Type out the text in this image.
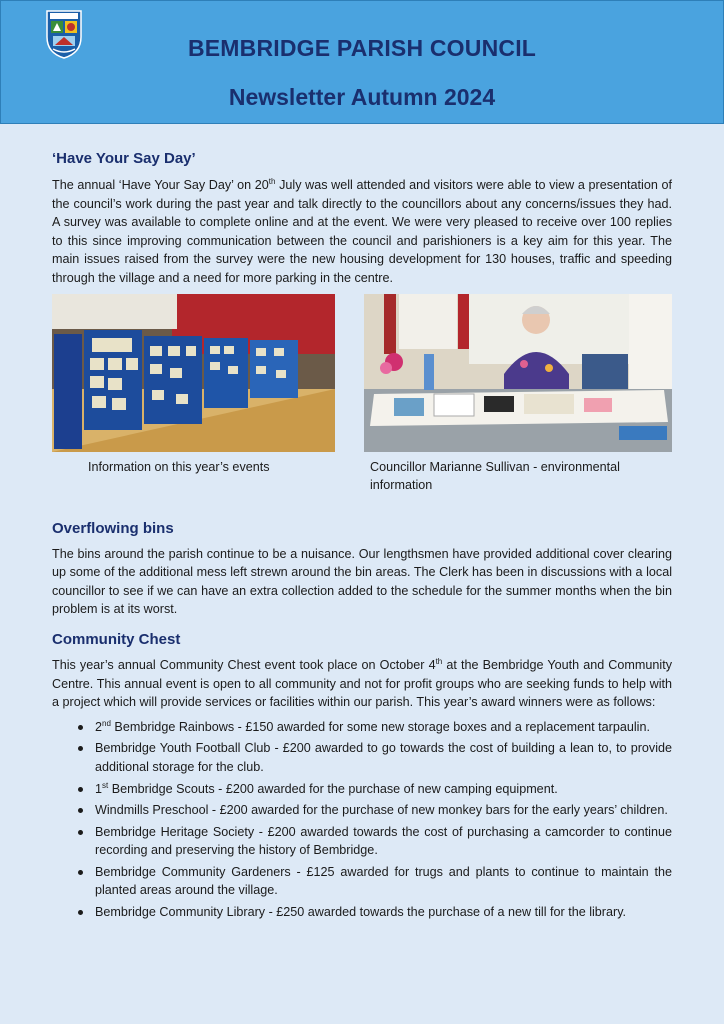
BEMBRIDGE PARISH COUNCIL
Newsletter Autumn 2024
‘Have Your Say Day’

The annual ‘Have Your Say Day’ on 20th July was well attended and visitors were able to view a presentation of the council’s work during the past year and talk directly to the councillors about any concerns/issues they had. A survey was available to complete online and at the event. We were very pleased to receive over 100 replies to this since improving communication between the council and parishioners is a key aim for this year. The main issues raised from the survey were the new housing development for 130 houses, traffic and speeding through the village and a need for more parking in the centre.

Information on this year’s events	Councillor Marianne Sullivan - environmental information
Overflowing bins

The bins around the parish continue to be a nuisance. Our lengthsmen have provided additional cover clearing up some of the additional mess left strewn around the bin areas. The Clerk has been in discussions with a local councillor to see if we can have an extra collection added to the schedule for the summer months when the bin problem is at its worst.

Community Chest

This year’s annual Community Chest event took place on October 4th at the Bembridge Youth and Community Centre. This annual event is open to all community and not for profit groups who are seeking funds to help with a project which will provide services or facilities within our parish. This year’s award winners were as follows:

2nd Bembridge Rainbows - £150 awarded for some new storage boxes and a replacement tarpaulin.
Bembridge Youth Football Club - £200 awarded to go towards the cost of building a lean to, to provide additional storage for the club.
1st Bembridge Scouts - £200 awarded for the purchase of new camping equipment.
Windmills Preschool - £200 awarded for the purchase of new monkey bars for the early years’ children.
Bembridge Heritage Society - £200 awarded towards the cost of purchasing a camcorder to continue recording and preserving the history of Bembridge.
Bembridge Community Gardeners - £125 awarded for trugs and plants to continue to maintain the planted areas around the village.
Bembridge Community Library - £250 awarded towards the purchase of a new till for the library.
